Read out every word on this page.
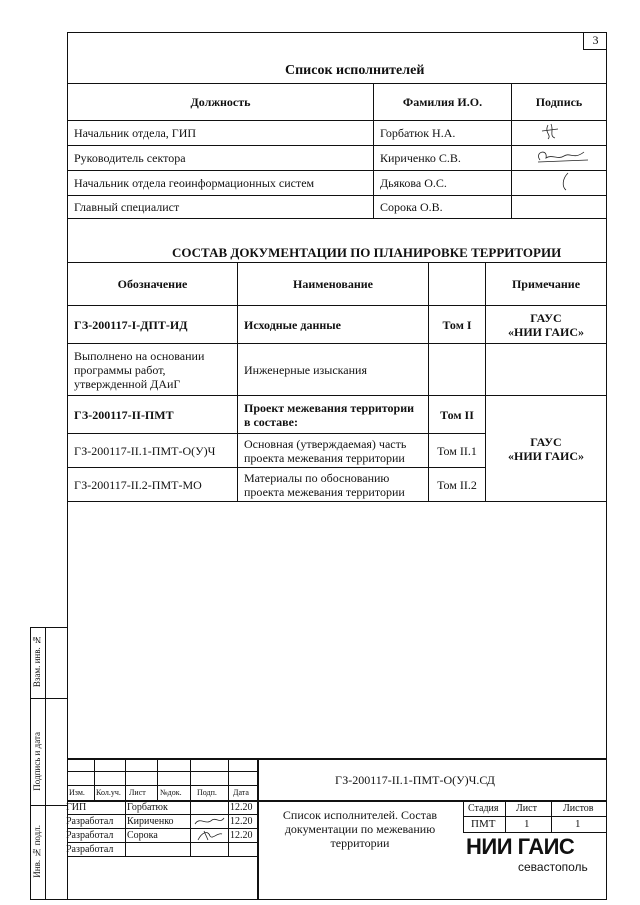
3
Список исполнителей
Должность	Фамилия И.О.	Подпись
Начальник отдела, ГИП	Горбатюк Н.А.	
Руководитель сектора	Кириченко С.В.	
Начальник отдела геоинформационных систем	Дьякова О.С.	
Главный специалист	Сорока О.В.	
СОСТАВ ДОКУМЕНТАЦИИ ПО ПЛАНИРОВКЕ ТЕРРИТОРИИ
Обозначение	Наименование		Примечание
ГЗ-200117-I-ДПТ-ИД	Исходные данные	Том I	ГАУС
«НИИ ГАИС»

Выполнено на основании программы работ, утвержденной ДАиГ	Инженерные изыскания		
ГЗ-200117-II-ПМТ	Проект межевания территории в составе:	Том II	ГАУС
«НИИ ГАИС»

ГЗ-200117-II.1-ПМТ-О(У)Ч	Основная (утверждаемая) часть проекта межевания территории	Том II.1	
ГЗ-200117-II.2-ПМТ-МО	Материалы по обоснованию проекта межевания территории	Том II.2	
Взам. инв. №
Подпись и дата
Инв. № подл.
ГЗ-200117-II.1-ПМТ-О(У)Ч.СД
Изм. Кол.уч. Лист №док. Подп. Дата
ГИП	Горбатюк	12.20
Разработал Кириченко	12.20
Разработал Сорока	12.20
Разработал
Список исполнителей. Состав документации по межеванию территории
Стадия Лист	Листов
ПМТ	1	1
НИИ ГАИС
севастополь
